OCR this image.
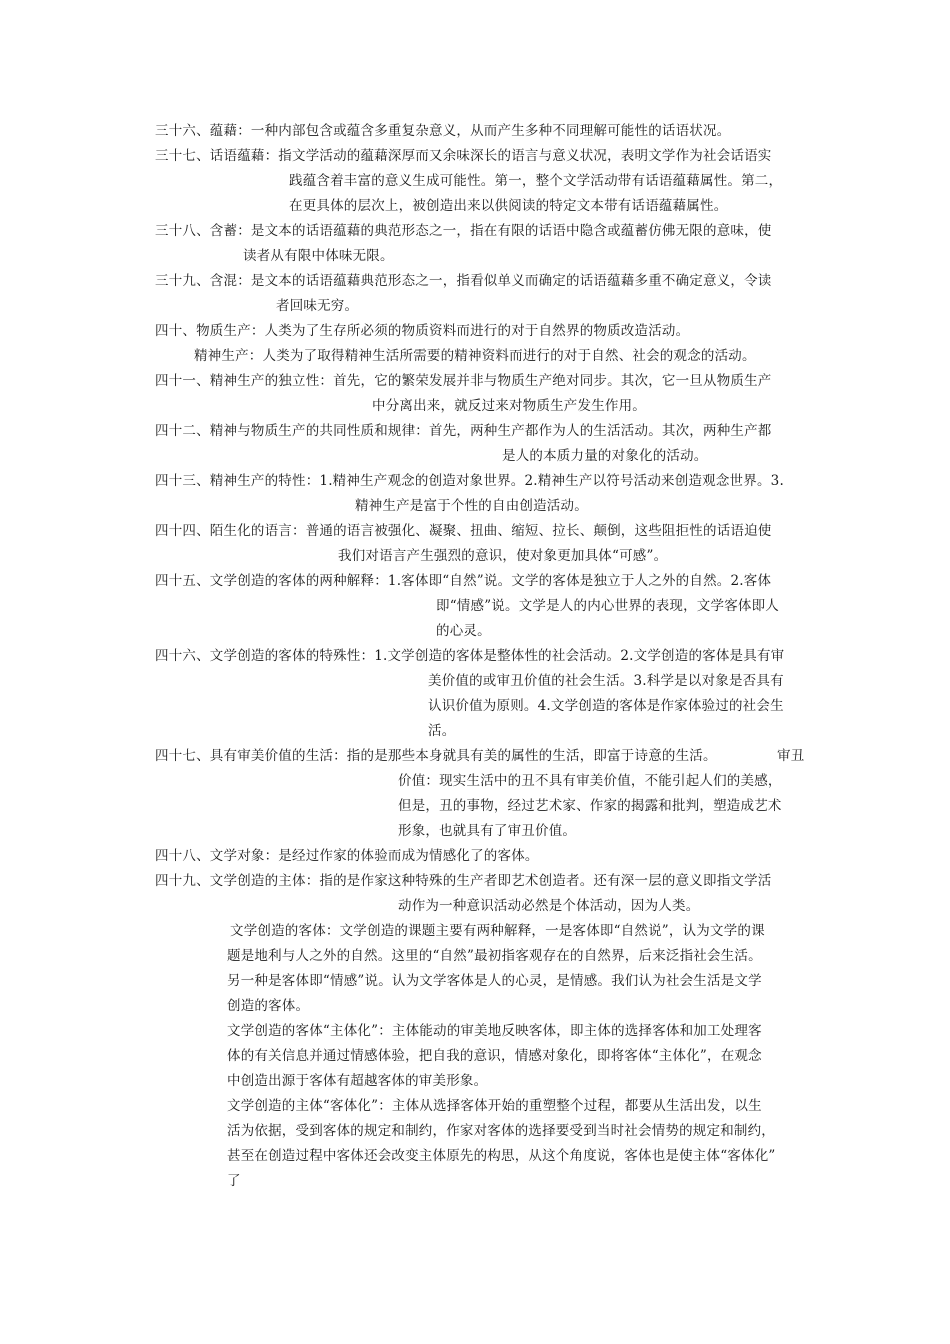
三十六、蕴藉：一种内部包含或蕴含多重复杂意义，从而产生多种不同理解可能性的话语状况。
三十七、话语蕴藉：指文学活动的蕴藉深厚而又余味深长的语言与意义状况，表明文学作为社会话语实
践蕴含着丰富的意义生成可能性。第一，整个文学活动带有话语蕴藉属性。第二，
在更具体的层次上，被创造出来以供阅读的特定文本带有话语蕴藉属性。
三十八、含蓄：是文本的话语蕴藉的典范形态之一，指在有限的话语中隐含或蕴蓄仿佛无限的意味，使
读者从有限中体味无限。
三十九、含混：是文本的话语蕴藉典范形态之一，指看似单义而确定的话语蕴藉多重不确定意义，令读
者回味无穷。
四十、物质生产：人类为了生存所必须的物质资料而进行的对于自然界的物质改造活动。
精神生产：人类为了取得精神生活所需要的精神资料而进行的对于自然、社会的观念的活动。
四十一、精神生产的独立性：首先，它的繁荣发展并非与物质生产绝对同步。其次，它一旦从物质生产
中分离出来，就反过来对物质生产发生作用。
四十二、精神与物质生产的共同性质和规律：首先，两种生产都作为人的生活活动。其次，两种生产都
是人的本质力量的对象化的活动。
四十三、精神生产的特性：1.精神生产观念的创造对象世界。2.精神生产以符号活动来创造观念世界。3.
精神生产是富于个性的自由创造活动。
四十四、陌生化的语言：普通的语言被强化、凝聚、扭曲、缩短、拉长、颠倒，这些阻拒性的话语迫使
我们对语言产生强烈的意识，使对象更加具体“可感”。
四十五、文学创造的客体的两种解释：1.客体即“自然”说。文学的客体是独立于人之外的自然。2.客体
即“情感”说。文学是人的内心世界的表现，文学客体即人
的心灵。
四十六、文学创造的客体的特殊性：1.文学创造的客体是整体性的社会活动。2.文学创造的客体是具有审
美价值的或审丑价值的社会生活。3.科学是以对象是否具有
认识价值为原则。4.文学创造的客体是作家体验过的社会生
活。
四十七、具有审美价值的生活：指的是那些本身就具有美的属性的生活，即富于诗意的生活。	审丑
价值：现实生活中的丑不具有审美价值，不能引起人们的美感，
但是，丑的事物，经过艺术家、作家的揭露和批判，塑造成艺术
形象，也就具有了审丑价值。
四十八、文学对象：是经过作家的体验而成为情感化了的客体。
四十九、文学创造的主体：指的是作家这种特殊的生产者即艺术创造者。还有深一层的意义即指文学活
动作为一种意识活动必然是个体活动，因为人类。
文学创造的客体：文学创造的课题主要有两种解释，一是客体即“自然说”，认为文学的课
题是地利与人之外的自然。这里的“自然”最初指客观存在的自然界，后来泛指社会生活。
另一种是客体即“情感”说。认为文学客体是人的心灵，是情感。我们认为社会生活是文学
创造的客体。
文学创造的客体“主体化”：主体能动的审美地反映客体，即主体的选择客体和加工处理客
体的有关信息并通过情感体验，把自我的意识，情感对象化，即将客体“主体化”，在观念
中创造出源于客体有超越客体的审美形象。
文学创造的主体“客体化”：主体从选择客体开始的重塑整个过程，都要从生活出发，以生
活为依据，受到客体的规定和制约，作家对客体的选择要受到当时社会情势的规定和制约，
甚至在创造过程中客体还会改变主体原先的构思，从这个角度说，客体也是使主体“客体化”
了
